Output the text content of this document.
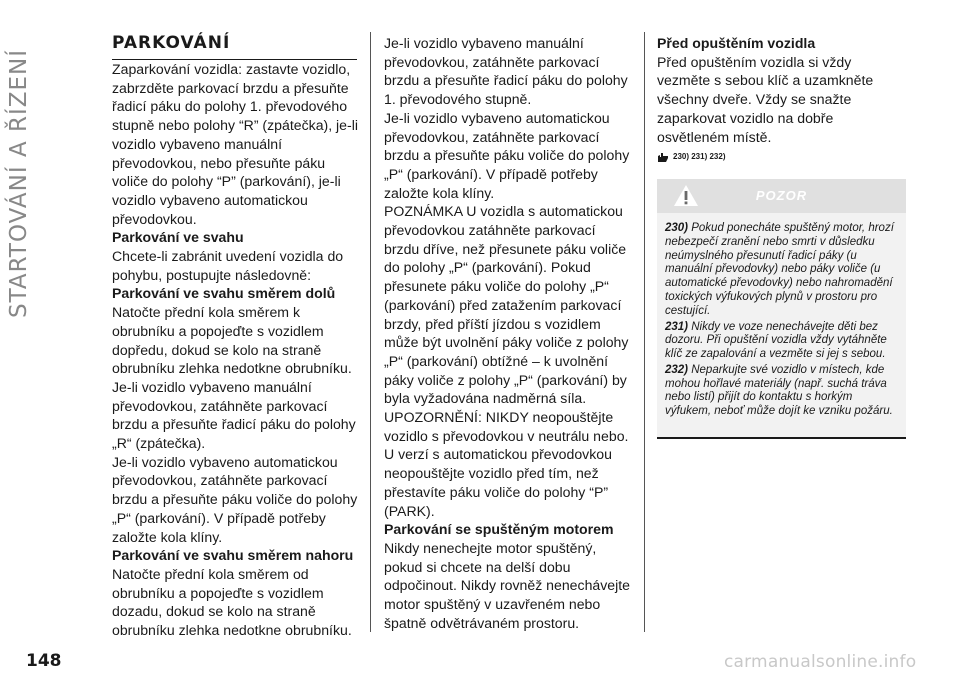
STARTOVÁNÍ A ŘÍZENÍ
PARKOVÁNÍ
Zaparkování vozidla: zastavte vozidlo, zabrzděte parkovací brzdu a přesuňte řadicí páku do polohy 1. převodového stupně nebo polohy “R” (zpátečka), je-li vozidlo vybaveno manuální převodovkou, nebo přesuňte páku voliče do polohy “P” (parkování), je-li vozidlo vybaveno automatickou převodovkou.
Parkování ve svahu
Chcete-li zabránit uvedení vozidla do pohybu, postupujte následovně:
Parkování ve svahu směrem dolů
Natočte přední kola směrem k obrubníku a popojeďte s vozidlem dopředu, dokud se kolo na straně obrubníku zlehka nedotkne obrubníku.
Je-li vozidlo vybaveno manuální převodovkou, zatáhněte parkovací brzdu a přesuňte řadicí páku do polohy „R“ (zpátečka).
Je-li vozidlo vybaveno automatickou převodovkou, zatáhněte parkovací brzdu a přesuňte páku voliče do polohy „P“ (parkování). V případě potřeby založte kola klíny.
Parkování ve svahu směrem nahoru
Natočte přední kola směrem od obrubníku a popojeďte s vozidlem dozadu, dokud se kolo na straně obrubníku zlehka nedotkne obrubníku.
Je-li vozidlo vybaveno manuální převodovkou, zatáhněte parkovací brzdu a přesuňte řadicí páku do polohy 1. převodového stupně.
Je-li vozidlo vybaveno automatickou převodovkou, zatáhněte parkovací brzdu a přesuňte páku voliče do polohy „P“ (parkování). V případě potřeby založte kola klíny.
POZNÁMKA U vozidla s automatickou převodovkou zatáhněte parkovací brzdu dříve, než přesunete páku voliče do polohy „P“ (parkování). Pokud přesunete páku voliče do polohy „P“ (parkování) před zatažením parkovací brzdy, před příští jízdou s vozidlem může být uvolnění páky voliče z polohy „P“ (parkování) obtížné – k uvolnění páky voliče z polohy „P“ (parkování) by byla vyžadována nadměrná síla.
UPOZORNĚNÍ: NIKDY neopouštějte vozidlo s převodovkou v neutrálu nebo. U verzí s automatickou převodovkou neopouštějte vozidlo před tím, než přestavíte páku voliče do polohy “P” (PARK).
Parkování se spuštěným motorem
Nikdy nenechejte motor spuštěný, pokud si chcete na delší dobu odpočinout. Nikdy rovněž nenechávejte motor spuštěný v uzavřeném nebo špatně odvětrávaném prostoru.
Před opuštěním vozidla
Před opuštěním vozidla si vždy vezměte s sebou klíč a uzamkněte všechny dveře. Vždy se snažte zaparkovat vozidlo na dobře osvětleném místě.
230) 231) 232)
POZOR
230) Pokud ponecháte spuštěný motor, hrozí nebezpečí zranění nebo smrti v důsledku neúmyslného přesunutí řadicí páky (u manuální převodovky) nebo páky voliče (u automatické převodovky) nebo nahromadění toxických výfukových plynů v prostoru pro cestující.
231) Nikdy ve voze nenechávejte děti bez dozoru. Při opuštění vozidla vždy vytáhněte klíč ze zapalování a vezměte si jej s sebou.
232) Neparkujte své vozidlo v místech, kde mohou hořlavé materiály (např. suchá tráva nebo listí) přijít do kontaktu s horkým výfukem, neboť může dojít ke vzniku požáru.
148	carmanualsonline.info
